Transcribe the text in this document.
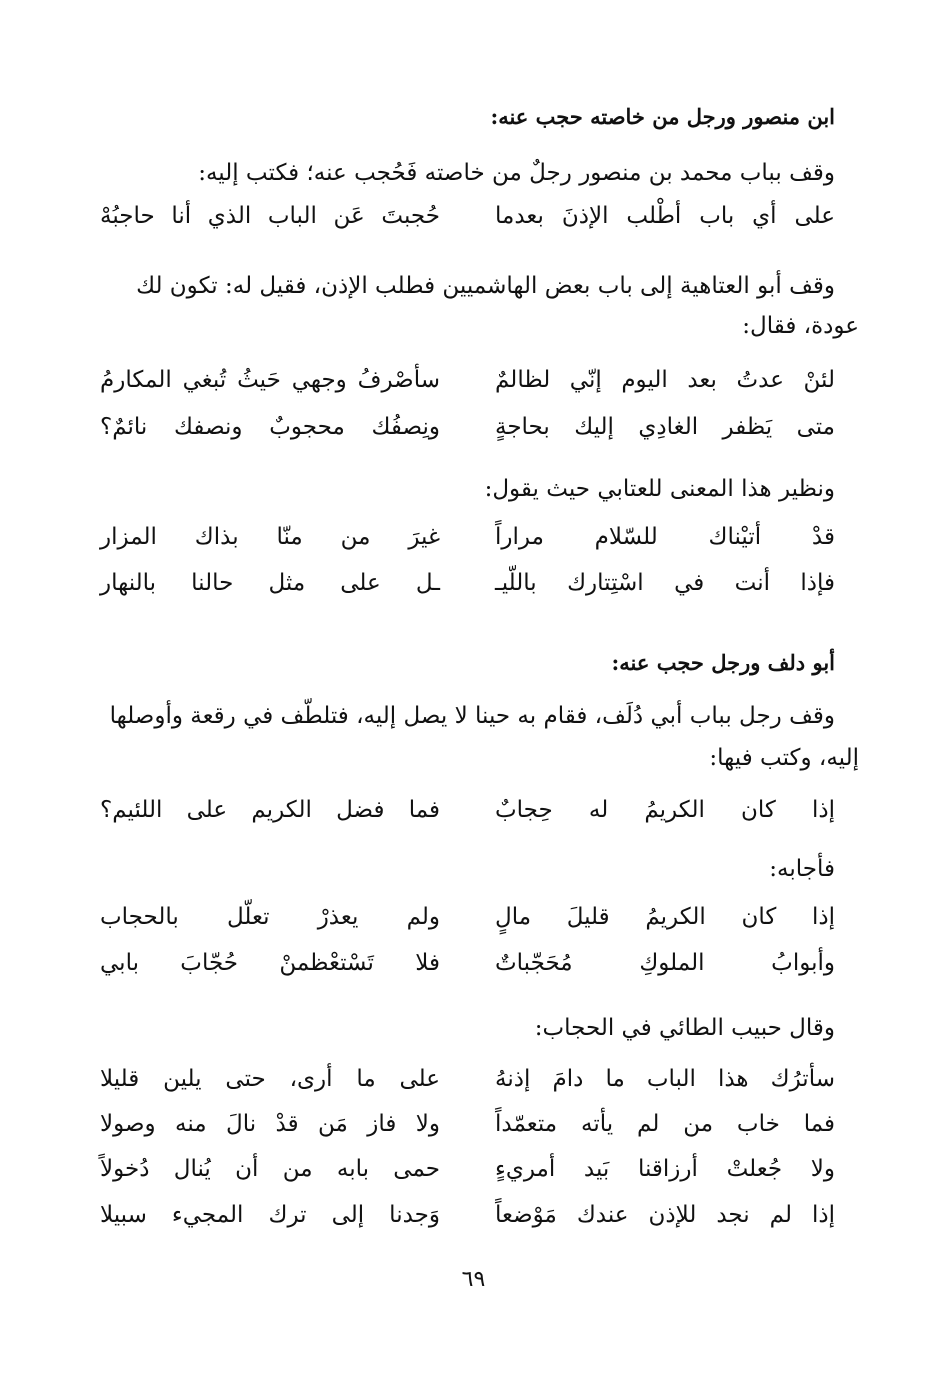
ابن منصور ورجل من خاصته حجب عنه:
وقف بباب محمد بن منصور رجلٌ من خاصته فَحُجب عنه؛ فكتب إليه:
على أي باب أطْلب الإذنَ بعدما
حُجبتَ عَن الباب الذي أنا حاجبُهْ
وقف أبو العتاهية إلى باب بعض الهاشميين فطلب الإذن، فقيل له: تكون لك
عودة، فقال:
لئنْ عدتُ بعد اليوم إنّي لظالمٌ
سأصْرفُ وجهي حَيثُ تُبغي المكارمُ
متى يَظفر الغادِي إليك بحاجةٍ
ونِصفُك محجوبٌ ونصفك نائمٌ؟
ونظير هذا المعنى للعتابي حيث يقول:
قدْ أتيْناك للسّلام مراراً
غيرَ من منّا بذاك المزار
فإذا أنت في اسْتِتارك باللّيـ
ـل على مثل حالنا بالنهار
أبو دلف ورجل حجب عنه:
وقف رجل بباب أبي دُلَف، فقام به حينا لا يصل إليه، فتلطّف في رقعة وأوصلها
إليه، وكتب فيها:
إذا كان الكريمُ له حِجابٌ
فما فضل الكريم على اللئيم؟
فأجابه:
إذا كان الكريمُ قليلَ مالٍ
ولم يعذرْ تعلّل بالحجاب
وأبوابُ الملوكِ مُحَجّباتٌ
فلا تَسْتعْظمنْ حُجّابَ بابي
وقال حبيب الطائي في الحجاب:
سأترُك هذا الباب ما دامَ إذنهُ
على ما أرى، حتى يلين قليلا
فما خاب من لم يأته متعمّداً
ولا فاز مَن قدْ نالَ منه وصولا
ولا جُعلتْ أرزاقنا بَيد أمريءٍ
حمى بابه من أن يُنال دُخولاً
إذا لم نجد للإذن عندك مَوْضعاً
وَجدنا إلى ترك المجيء سبيلا
٦٩
